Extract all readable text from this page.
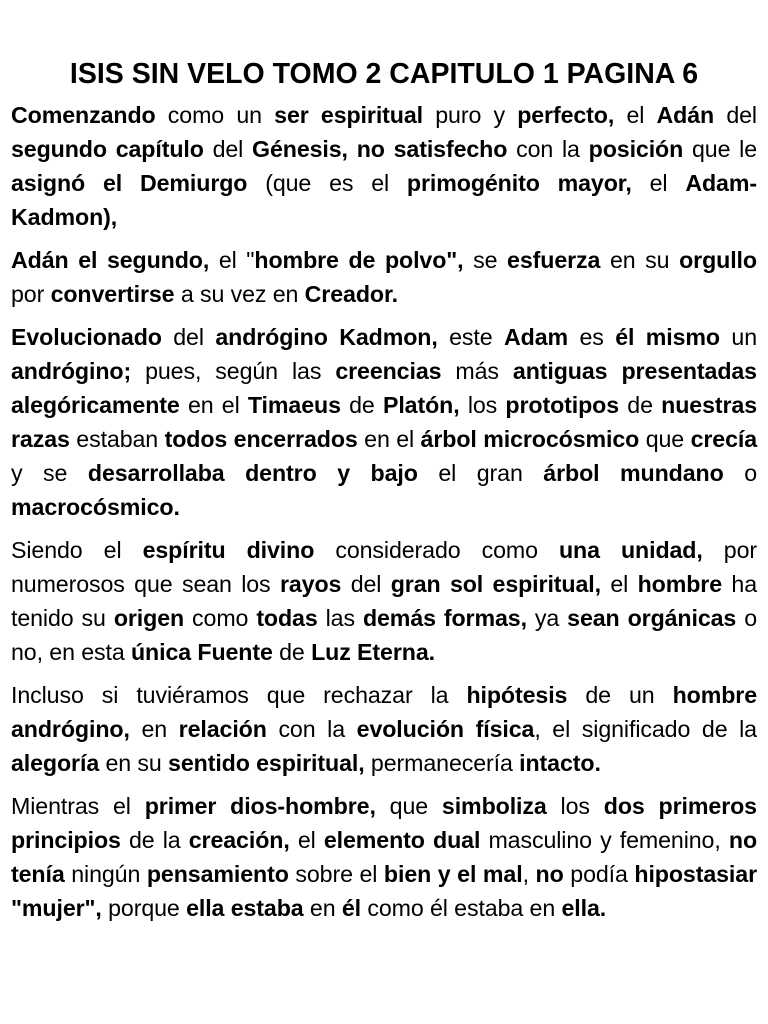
ISIS SIN VELO TOMO 2 CAPITULO 1 PAGINA 6

Comenzando como un ser espiritual puro y perfecto, el Adán del segundo capítulo del Génesis, no satisfecho con la posición que le asignó el Demiurgo (que es el primogénito mayor, el Adam-Kadmon),

Adán el segundo, el "hombre de polvo", se esfuerza en su orgullo por convertirse a su vez en Creador.

Evolucionado del andrógino Kadmon, este Adam es él mismo un andrógino; pues, según las creencias más antiguas presentadas alegóricamente en el Timaeus de Platón, los prototipos de nuestras razas estaban todos encerrados en el árbol microcósmico que crecía y se desarrollaba dentro y bajo el gran árbol mundano o macrocósmico.

Siendo el espíritu divino considerado como una unidad, por numerosos que sean los rayos del gran sol espiritual, el hombre ha tenido su origen como todas las demás formas, ya sean orgánicas o no, en esta única Fuente de Luz Eterna.

Incluso si tuviéramos que rechazar la hipótesis de un hombre andrógino, en relación con la evolución física, el significado de la alegoría en su sentido espiritual, permanecería intacto.

Mientras el primer dios-hombre, que simboliza los dos primeros principios de la creación, el elemento dual masculino y femenino, no tenía ningún pensamiento sobre el bien y el mal, no podía hipostasiar "mujer", porque ella estaba en él como él estaba en ella.
